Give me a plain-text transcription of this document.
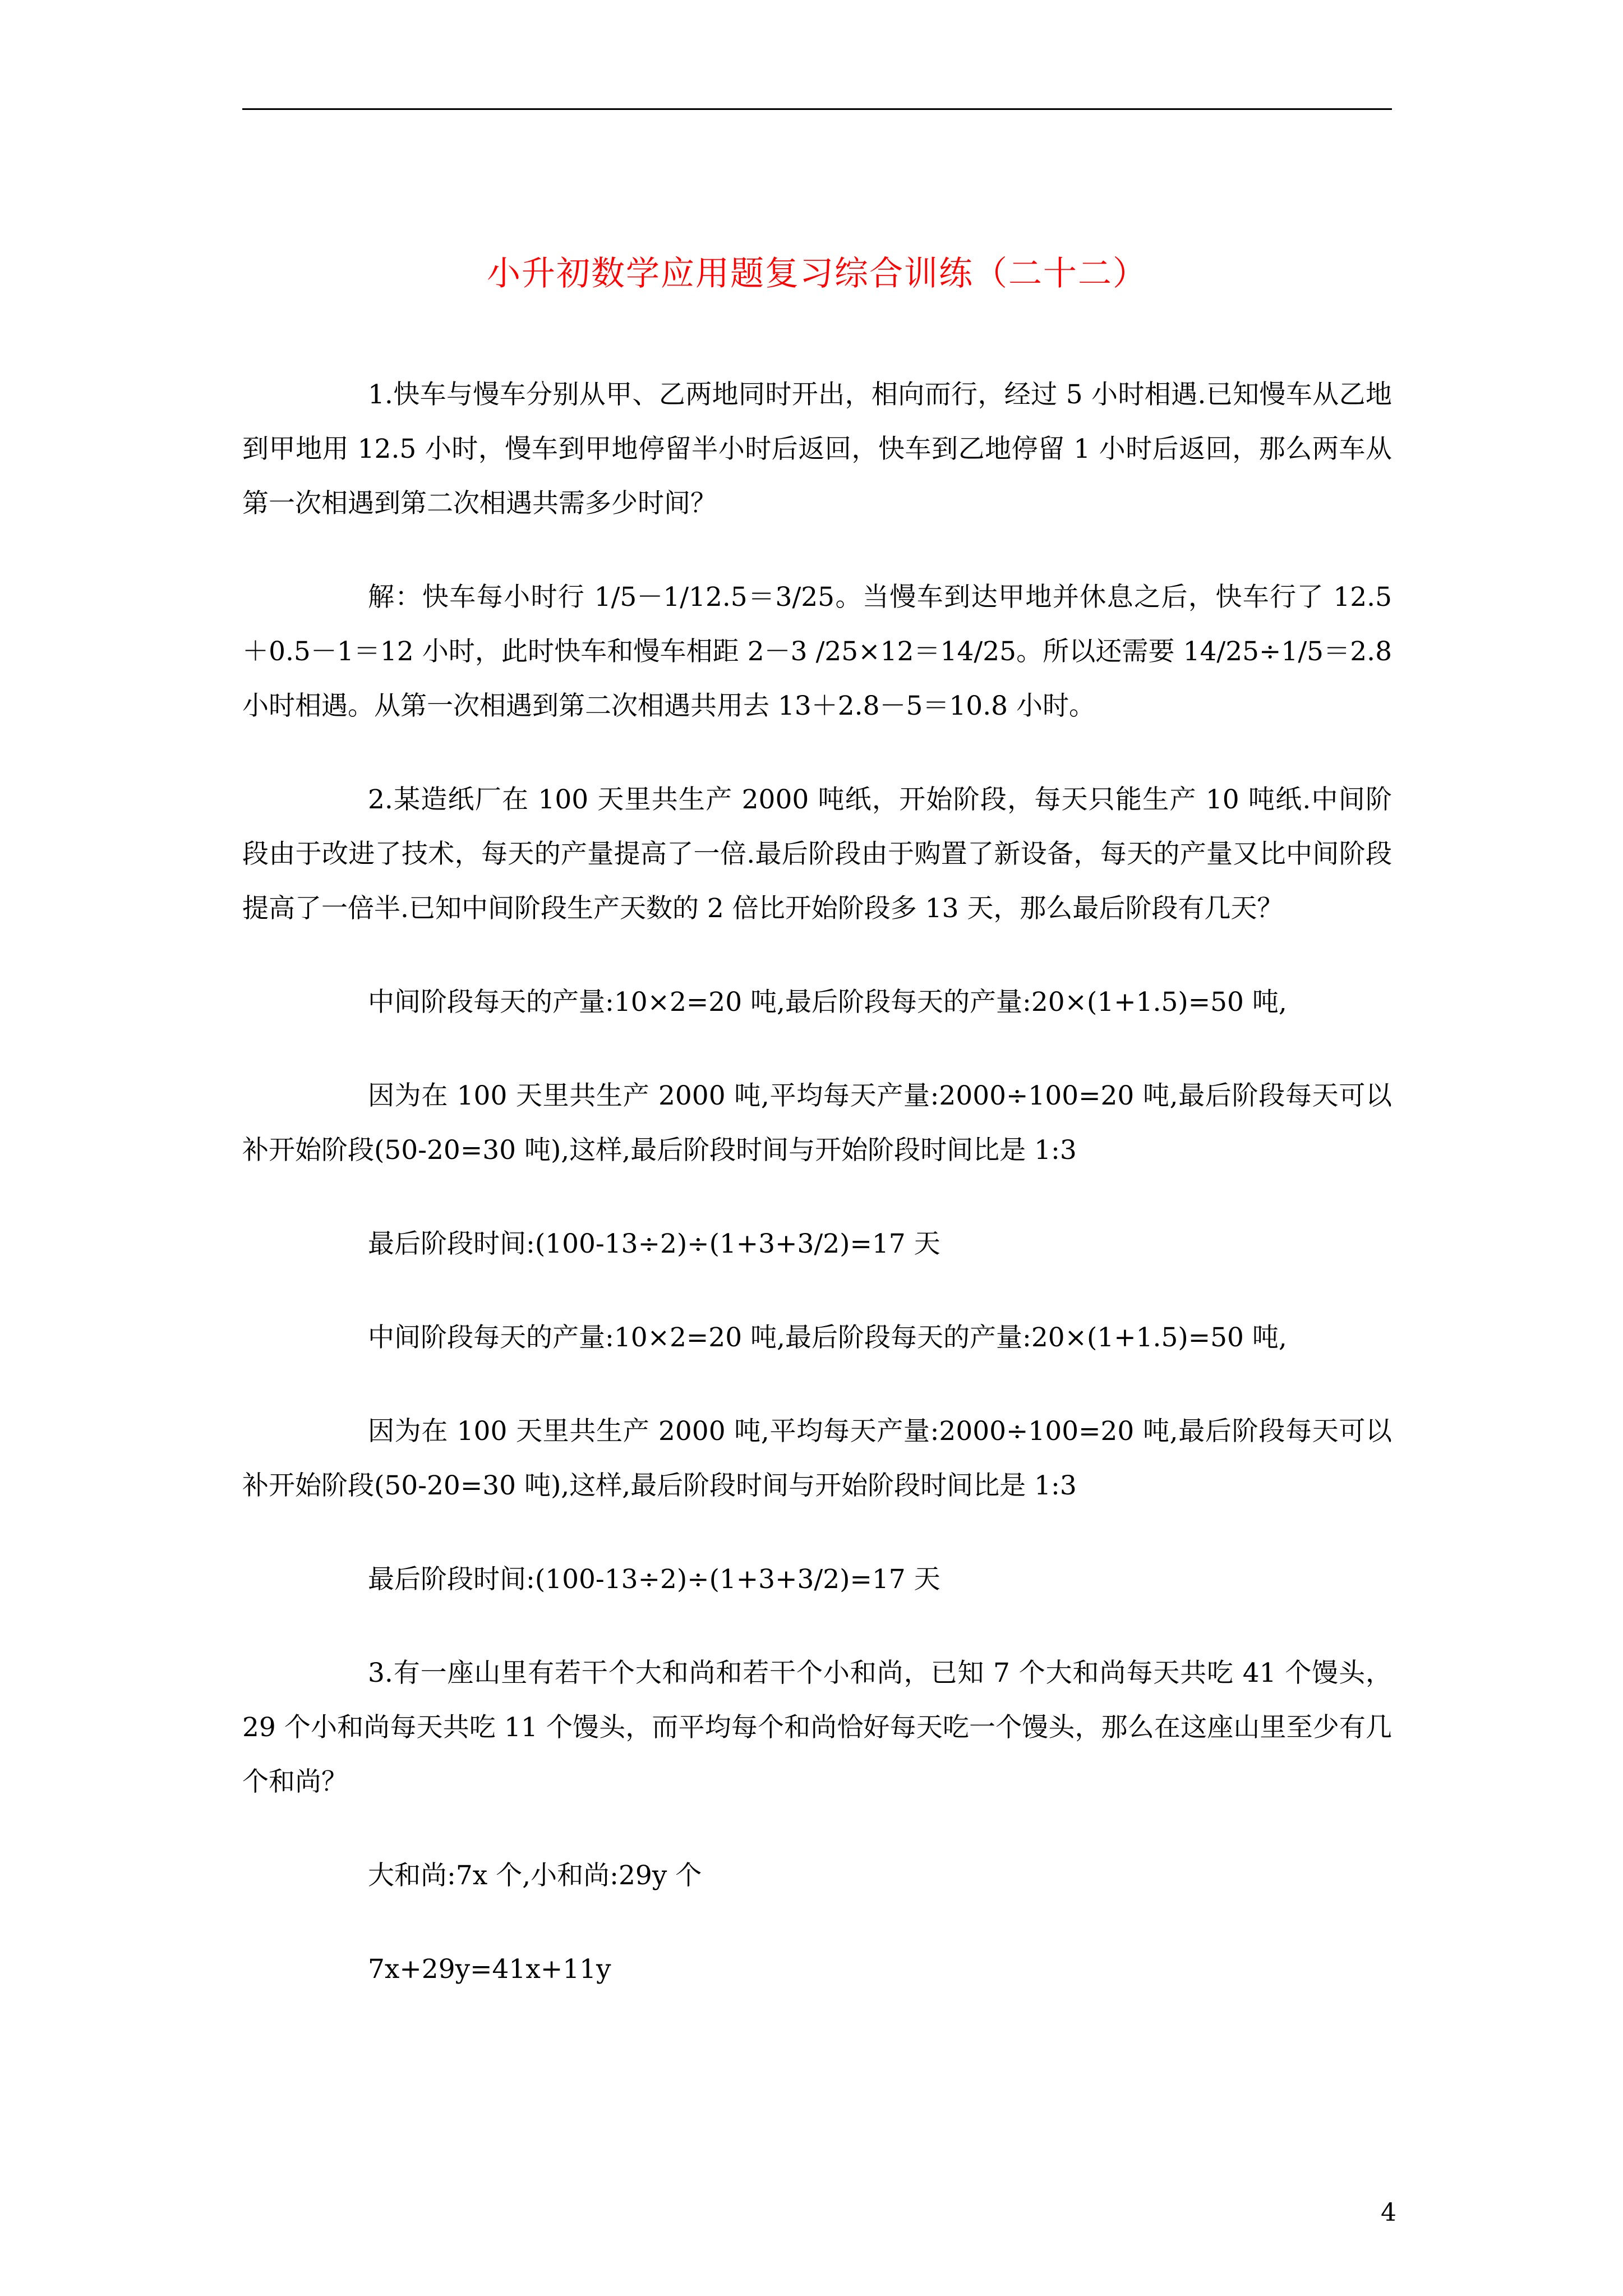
小升初数学应用题复习综合训练（二十二）

1.快车与慢车分别从甲、乙两地同时开出，相向而行，经过 5 小时相遇.已知慢车从乙地到甲地用 12.5 小时，慢车到甲地停留半小时后返回，快车到乙地停留 1 小时后返回，那么两车从第一次相遇到第二次相遇共需多少时间？

解：快车每小时行 1/5－1/12.5＝3/25。当慢车到达甲地并休息之后，快车行了 12.5＋0.5－1＝12 小时，此时快车和慢车相距 2－3 /25×12＝14/25。所以还需要 14/25÷1/5＝2.8 小时相遇。从第一次相遇到第二次相遇共用去 13＋2.8－5＝10.8 小时。

2.某造纸厂在 100 天里共生产 2000 吨纸，开始阶段，每天只能生产 10 吨纸.中间阶段由于改进了技术，每天的产量提高了一倍.最后阶段由于购置了新设备，每天的产量又比中间阶段提高了一倍半.已知中间阶段生产天数的 2 倍比开始阶段多 13 天，那么最后阶段有几天？

中间阶段每天的产量:10×2=20 吨,最后阶段每天的产量:20×(1+1.5)=50 吨,

因为在 100 天里共生产 2000 吨,平均每天产量:2000÷100=20 吨,最后阶段每天可以补开始阶段(50-20=30 吨),这样,最后阶段时间与开始阶段时间比是 1:3

最后阶段时间:(100-13÷2)÷(1+3+3/2)=17 天

中间阶段每天的产量:10×2=20 吨,最后阶段每天的产量:20×(1+1.5)=50 吨,

因为在 100 天里共生产 2000 吨,平均每天产量:2000÷100=20 吨,最后阶段每天可以补开始阶段(50-20=30 吨),这样,最后阶段时间与开始阶段时间比是 1:3

最后阶段时间:(100-13÷2)÷(1+3+3/2)=17 天

3.有一座山里有若干个大和尚和若干个小和尚，已知 7 个大和尚每天共吃 41 个馒头，29 个小和尚每天共吃 11 个馒头，而平均每个和尚恰好每天吃一个馒头，那么在这座山里至少有几个和尚？

大和尚:7x 个,小和尚:29y 个

7x+29y=41x+11y

4
